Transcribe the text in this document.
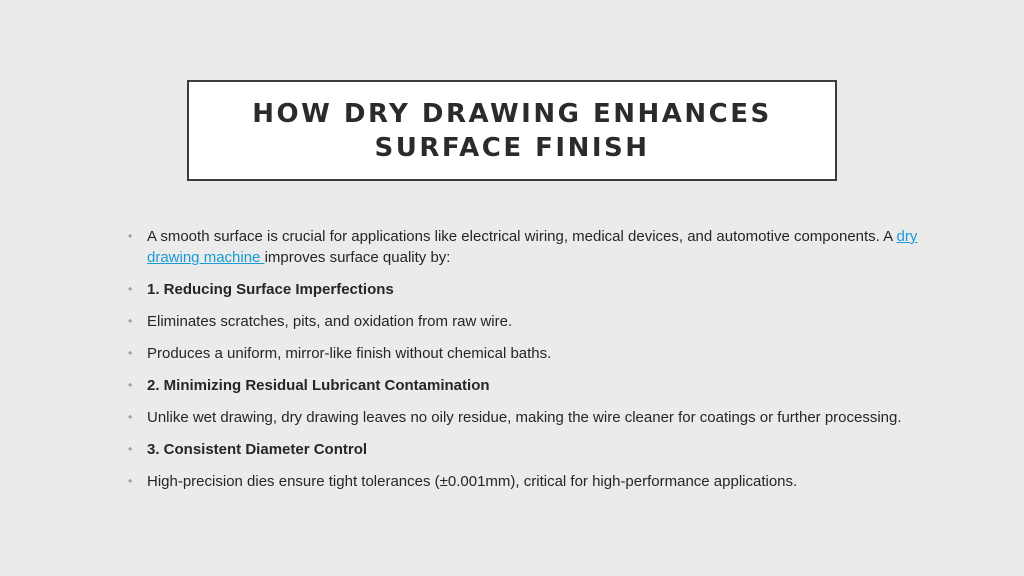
HOW DRY DRAWING ENHANCES
SURFACE FINISH
• A smooth surface is crucial for applications like electrical wiring, medical devices, and automotive components. A dry drawing machine improves surface quality by:
• 1. Reducing Surface Imperfections
• Eliminates scratches, pits, and oxidation from raw wire.
• Produces a uniform, mirror-like finish without chemical baths.
• 2. Minimizing Residual Lubricant Contamination
• Unlike wet drawing, dry drawing leaves no oily residue, making the wire cleaner for coatings or further processing.
• 3. Consistent Diameter Control
• High-precision dies ensure tight tolerances (±0.001mm), critical for high-performance applications.
